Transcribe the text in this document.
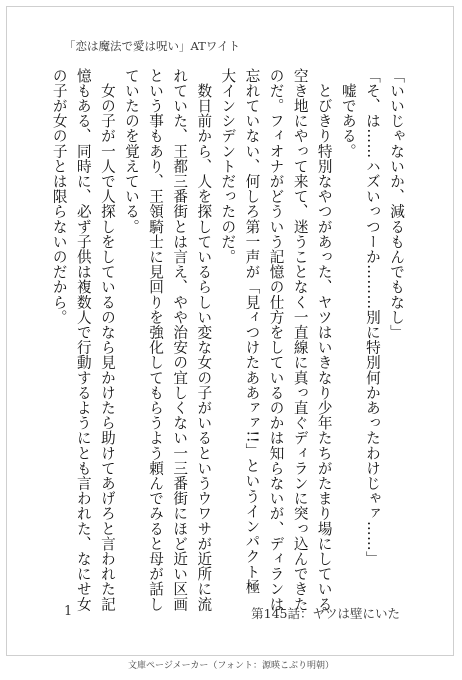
「恋は魔法で愛は呪い」ATワイト

「いいじゃないか、減るもんでもなし」

「そ、は……ハズいっつーか………別に特別何かあったわけじゃァ……」

　嘘である。

　とびきり特別なやつがあった、ヤツはいきなり少年たちがたまり場にしている

空き地にやって来て、迷うことなく一直線に真っ直ぐディランに突っ込んできた

のだ。フィオナがどういう記憶の仕方をしているのかは知らないが、ディランは

忘れていない、何しろ第一声が「見ィつけたああァァ!!」というインパクト極

大インシデントだったのだ。

　数日前から、人を探しているらしい変な女の子がいるというウワサが近所に流

れていた、王都三番街とは言え、やや治安の宜しくない一三番街にほど近い区画

という事もあり、王領騎士に見回りを強化してもらうよう頼んでみると母が話し

ていたのを覚えている。

　女の子が一人で人探しをしているのなら見かけたら助けてあげろと言われた記

憶もある、同時に、必ず子供は複数人で行動するようにとも言われた、なにせ女

の子が女の子とは限らないのだから。

1	第145話：ヤツは壁にいた
文庫ページメーカー（フォント：源暎こぶり明朝）
